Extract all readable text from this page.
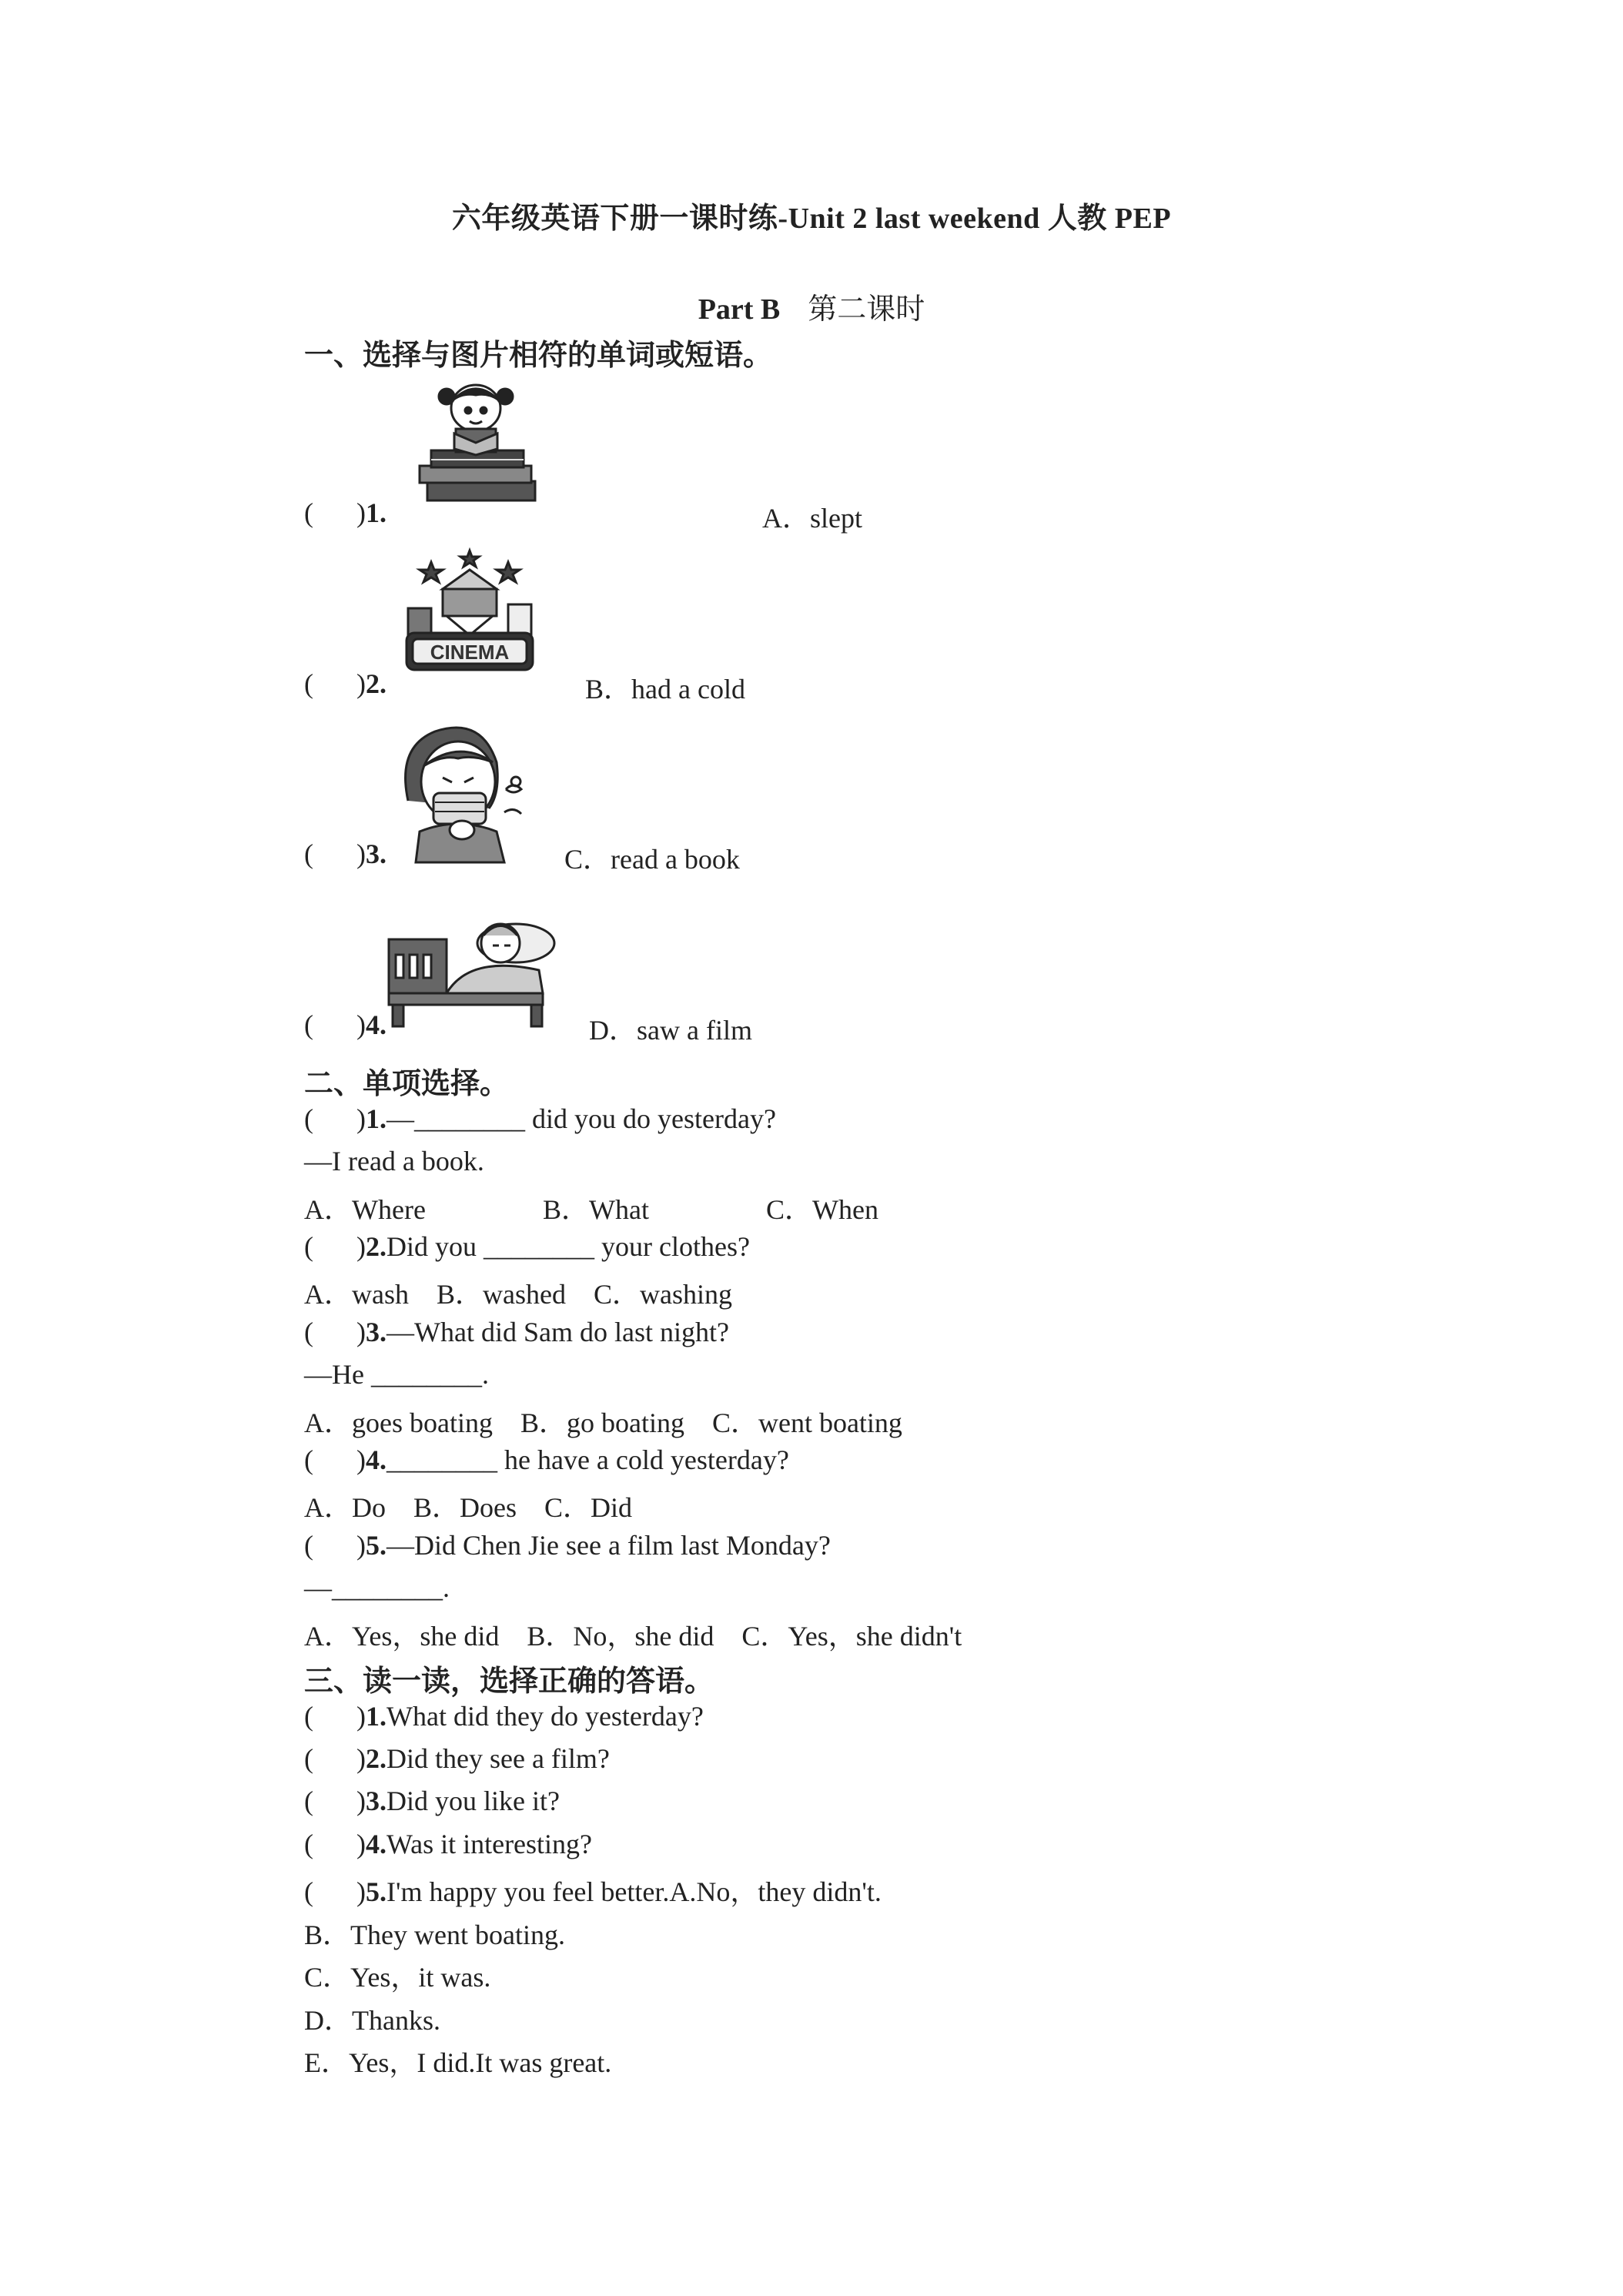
六年级英语下册一课时练-Unit 2 last weekend 人教 PEP
Part B 第二课时
一、选择与图片相符的单词或短语。
( )1.	A．slept
CINEMA
( )2.	B．had a cold
( )3.	C．read a book
( )4.	D．saw a film
二、单项选择。
( )1.—________ did you do yesterday?
—I read a book.
A．Where	B．What	C．When
( )2.Did you ________ your clothes?
A．wash　B．washed　C．washing
( )3.—What did Sam do last night?
—He ________.
A．goes boating　B．go boating　C．went boating
( )4.________ he have a cold yesterday?
A．Do　B．Does　C．Did
( )5.—Did Chen Jie see a film last Monday?
—________.
A．Yes，she did　B．No，she did　C．Yes，she didn't
三、读一读，选择正确的答语。
( )1.What did they do yesterday?
( )2.Did they see a film?
( )3.Did you like it?
( )4.Was it interesting?
( )5.I'm happy you feel better.A.No，they didn't.
B．They went boating.
C．Yes，it was.
D．Thanks.
E．Yes，I did.It was great.
